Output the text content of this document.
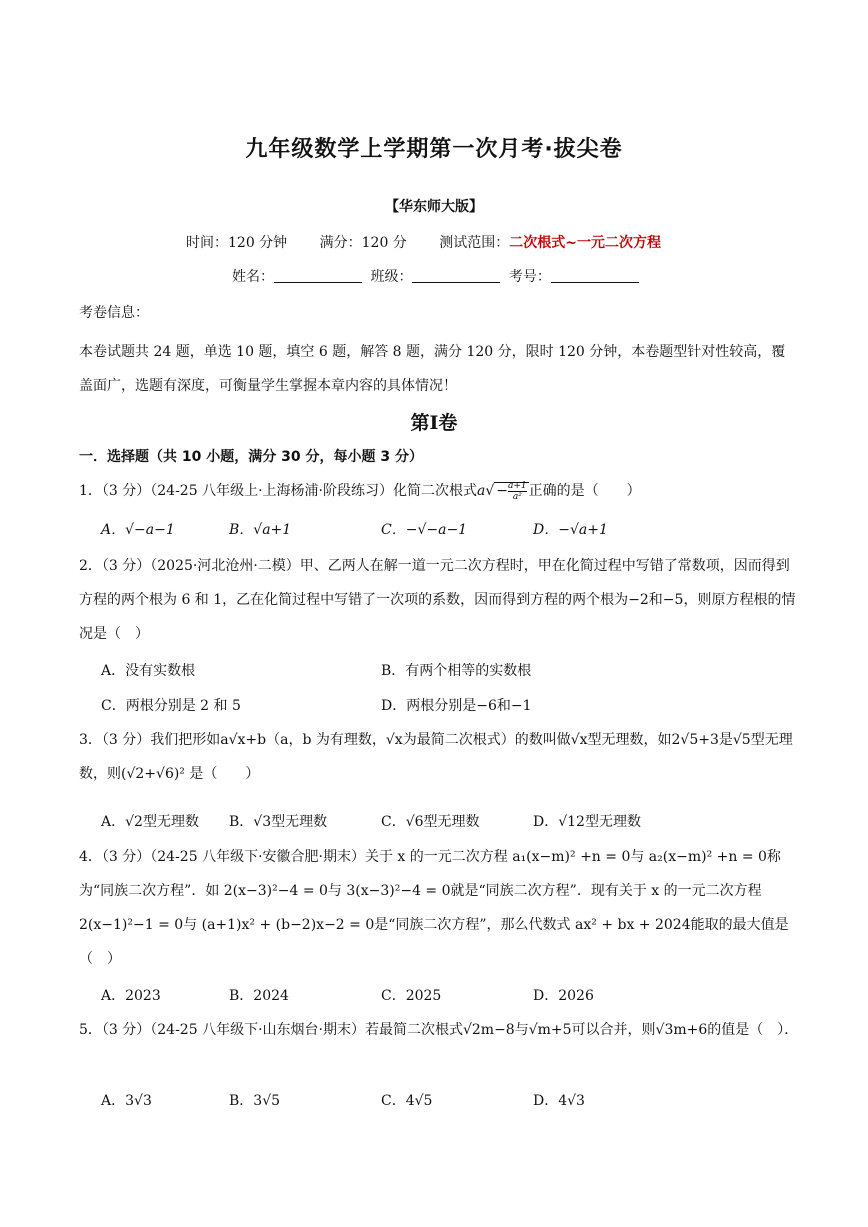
九年级数学上学期第一次月考·拔尖卷
【华东师大版】
时间：120 分钟 满分：120 分 测试范围：二次根式~一元二次方程
姓名：	班级：	考号：
考卷信息：
本卷试题共 24 题，单选 10 题，填空 6 题，解答 8 题，满分 120 分，限时 120 分钟，本卷题型针对性较高，覆盖面广，选题有深度，可衡量学生掌握本章内容的具体情况！
第Ⅰ卷
一．选择题（共 10 小题，满分 30 分，每小题 3 分）
1．（3 分）（24-25 八年级上·上海杨浦·阶段练习）化简二次根式$a√ - \frac{a+1}{\text{a²}}$ 正确的是（　　）
A．√−a−1	B．√a+1	C．−√−a−1	D．−√a+1
2．（3 分）（2025·河北沧州·二模）甲、乙两人在解一道一元二次方程时，甲在化简过程中写错了常数项，因而得到方程的两个根为 6 和 1，乙在化简过程中写错了一次项的系数，因而得到方程的两个根为−2和−5，则原方程根的情况是（　）
A．没有实数根	B．有两个相等的实数根
C．两根分别是 2 和 5	D．两根分别是−6和−1
3．（3 分）我们把形如a√x+b（a，b 为有理数，√x为最简二次根式）的数叫做√x型无理数，如2√5+3是√5型无理数，则(√2+√6)² 是（　　）
A．√2型无理数 B．√3型无理数	C．√6型无理数	D．√12型无理数
4．（3 分）（24-25 八年级下·安徽合肥·期末）关于 x 的一元二次方程 a₁(x−m)² +n = 0与 a₂(x−m)² +n = 0称为“同族二次方程”．如 2(x−3)²−4 = 0与 3(x−3)²−4 = 0就是“同族二次方程”．现有关于 x 的一元二次方程 2(x−1)²−1 = 0与 (a+1)x² + (b−2)x−2 = 0是“同族二次方程”，那么代数式 ax² + bx + 2024能取的最大值是（　）
A．2023	B．2024	C．2025	D．2026
5．（3 分）（24-25 八年级下·山东烟台·期末）若最简二次根式√2m−8与√m+5可以合并，则√3m+6的值是（　）．
A．3√3	B．3√5	C．4√5	D．4√3
